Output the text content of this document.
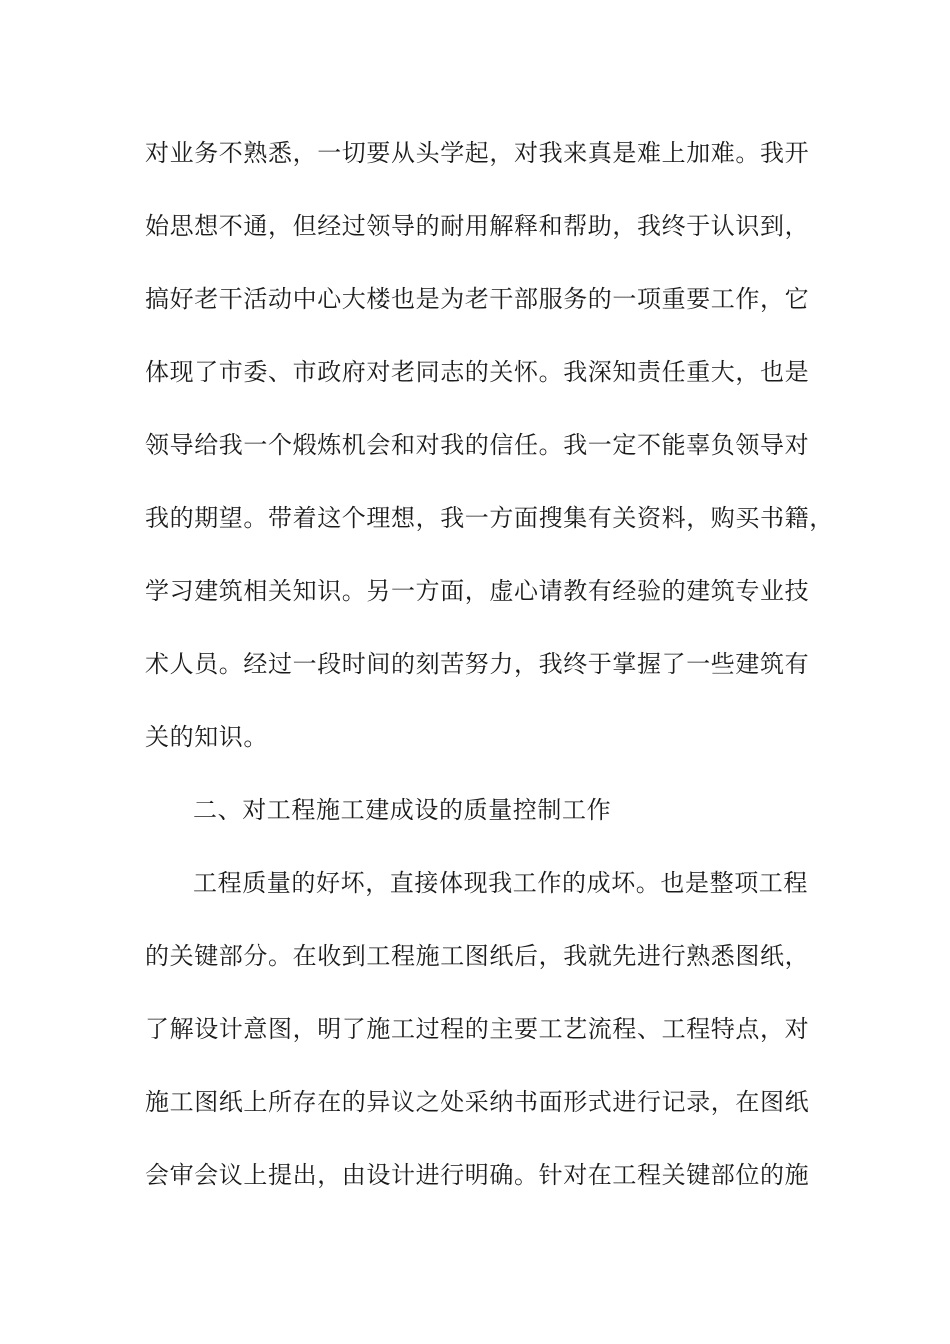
对业务不熟悉，一切要从头学起，对我来真是难上加难。我开
始思想不通，但经过领导的耐用解释和帮助，我终于认识到，
搞好老干活动中心大楼也是为老干部服务的一项重要工作，它
体现了市委、市政府对老同志的关怀。我深知责任重大，也是
领导给我一个煅炼机会和对我的信任。我一定不能辜负领导对
我的期望。带着这个理想，我一方面搜集有关资料，购买书籍，
学习建筑相关知识。另一方面，虚心请教有经验的建筑专业技
术人员。经过一段时间的刻苦努力，我终于掌握了一些建筑有
关的知识。
二、对工程施工建成设的质量控制工作
工程质量的好坏，直接体现我工作的成坏。也是整项工程
的关键部分。在收到工程施工图纸后，我就先进行熟悉图纸，
了解设计意图，明了施工过程的主要工艺流程、工程特点，对
施工图纸上所存在的异议之处采纳书面形式进行记录，在图纸
会审会议上提出，由设计进行明确。针对在工程关键部位的施
